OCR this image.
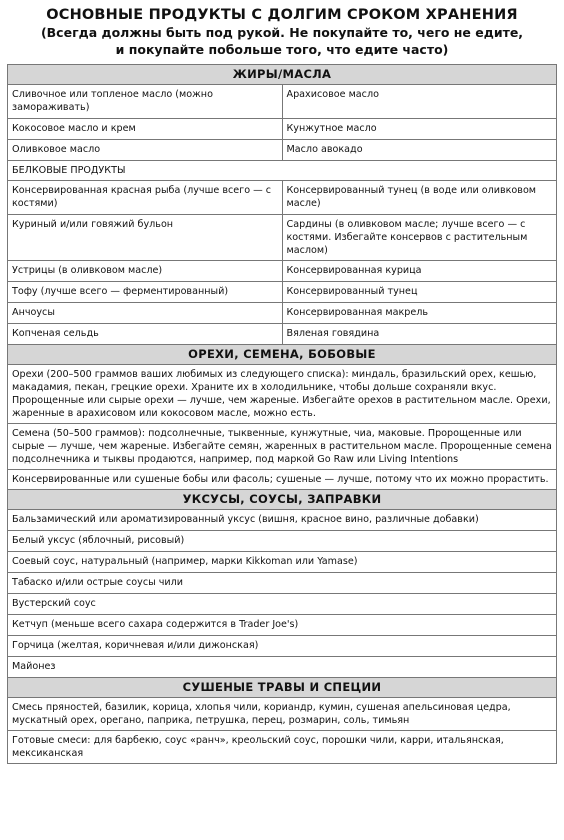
ОСНОВНЫЕ ПРОДУКТЫ С ДОЛГИМ СРОКОМ ХРАНЕНИЯ
(Всегда должны быть под рукой. Не покупайте то, чего не едите,
и покупайте побольше того, что едите часто)
ЖИРЫ/МАСЛА	
Сливочное или топленое масло (можно замораживать)	Арахисовое масло
Кокосовое масло и крем	Кунжутное масло
Оливковое масло	Масло авокадо
БЕЛКОВЫЕ ПРОДУКТЫ	
Консервированная красная рыба (лучше всего — с костями)	Консервированный тунец (в воде или оливковом масле)
Куриный и/или говяжий бульон	Сардины (в оливковом масле; лучше всего — с костями. Избегайте консервов с растительным маслом)
Устрицы (в оливковом масле)	Консервированная курица
Тофу (лучше всего — ферментированный)	Консервированный тунец
Анчоусы	Консервированная макрель
Копченая сельдь	Вяленая говядина
ОРЕХИ, СЕМЕНА, БОБОВЫЕ	
Орехи (200–500 граммов ваших любимых из следующего списка): миндаль, бразильский орех, кешью, макадамия, пекан, грецкие орехи. Храните их в холодильнике, чтобы дольше сохраняли вкус. Пророщенные или сырые орехи — лучше, чем жареные. Избегайте орехов в растительном масле. Орехи, жаренные в арахисовом или кокосовом масле, можно есть.	
Семена (50–500 граммов): подсолнечные, тыквенные, кунжутные, чиа, маковые. Пророщенные или сырые — лучше, чем жареные. Избегайте семян, жаренных в растительном масле. Пророщенные семена подсолнечника и тыквы продаются, например, под маркой Go Raw или Living Intentions	
Консервированные или сушеные бобы или фасоль; сушеные — лучше, потому что их можно прорастить.	
УКСУСЫ, СОУСЫ, ЗАПРАВКИ	
Бальзамический или ароматизированный уксус (вишня, красное вино, различные добавки)	
Белый уксус (яблочный, рисовый)	
Соевый соус, натуральный (например, марки Kikkoman или Yamase)	
Табаско и/или острые соусы чили	
Вустерский соус	
Кетчуп (меньше всего сахара содержится в Trader Joe's)	
Горчица (желтая, коричневая и/или дижонская)	
Майонез	
СУШЕНЫЕ ТРАВЫ И СПЕЦИИ	
Смесь пряностей, базилик, корица, хлопья чили, кориандр, кумин, сушеная апельсиновая цедра, мускатный орех, орегано, паприка, петрушка, перец, розмарин, соль, тимьян	
Готовые смеси: для барбекю, соус «ранч», креольский соус, порошки чили, карри, итальянская, мексиканская	
